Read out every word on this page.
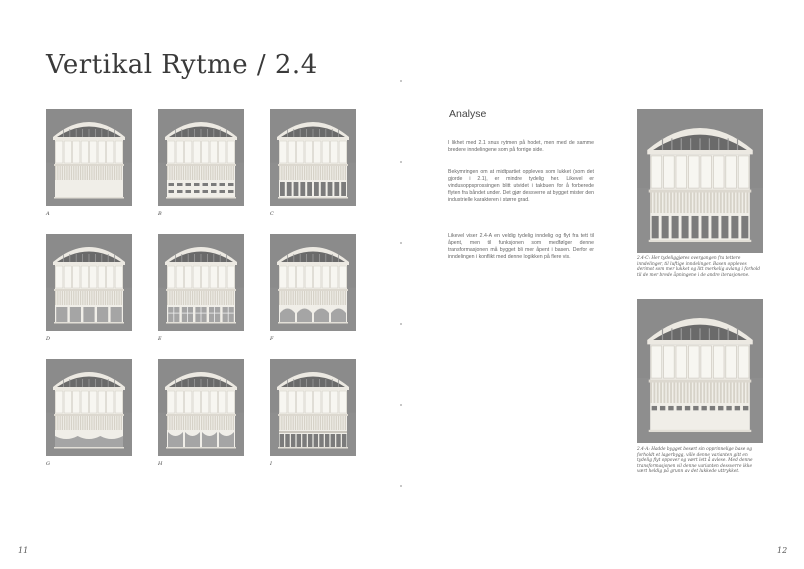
Vertikal Rytme / 2.4
A	B	C
D	E	F
G	H	I
11
Analyse

I likhet med 2.1 snus rytmen på hodet, men med de samme bredere inndelingene som på forrige side.

Bekymringen om at midtpartiet oppleves som lukket (som det gjorde i 2.1), er mindre tydelig her. Likevel er vindusoppsprossingen blitt utvidet i takbuen for å forberede flyten fra båndet under. Det gjør dessverre at bygget mister den industrielle karakteren i større grad.

Likevel viser 2.4-A en veldig tydelig inndelig og flyt fra tett til åpent, men til funksjonen som medfølger denne transformasjonen må bygget bli mer åpent i basen. Derfor er inndelingen i konflikt med denne logikken på flere vis.	2.4-C: Her tydeliggjøres overgangen fra tettere inndelinger, til luftige inndelinger. Basen oppleves derimot som mer lukket og litt merkelig avlang i forhold til de mer brede åpningene i de andre iterasjonene.

2.4-A: Hadde bygget besørt sin opprinnelige base og forholdt et lagerbygg, ville denne varianten gitt en tydelig flyt oppover og vært lett å avlese. Med denne transformasjonen vil denne varianten dessverre ikke vært heldig på grunn av det lukkede uttrykket.

12
